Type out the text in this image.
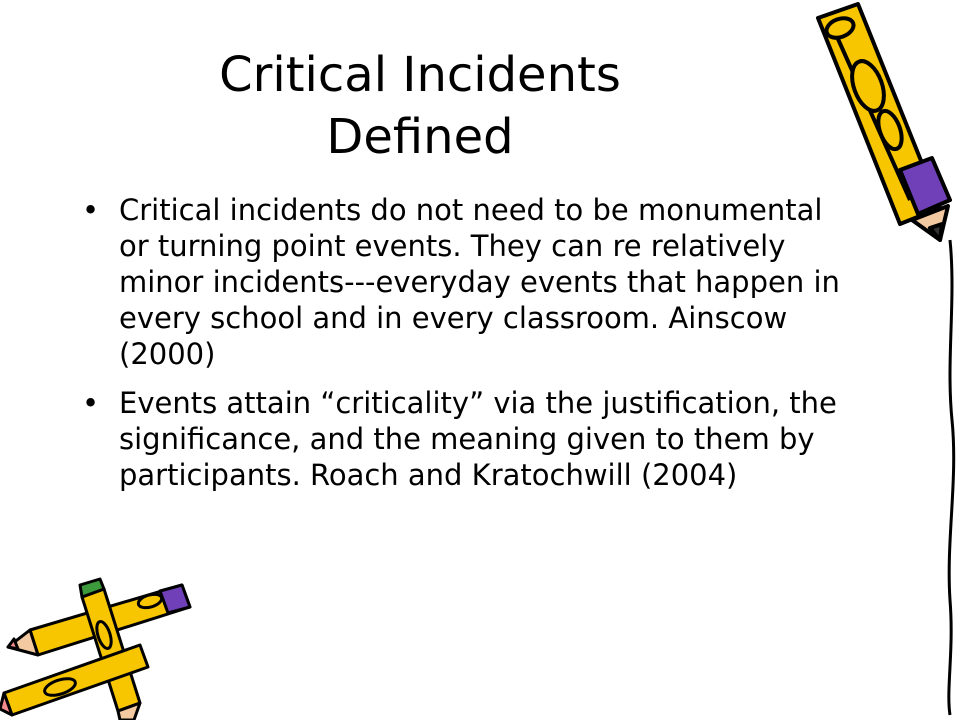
Critical Incidents Defined
• Critical incidents do not need to be monumental or turning point events. They can re relatively minor incidents---everyday events that happen in every school and in every classroom. Ainscow (2000)
• Events attain “criticality” via the justification, the significance, and the meaning given to them by participants. Roach and Kratochwill (2004)
